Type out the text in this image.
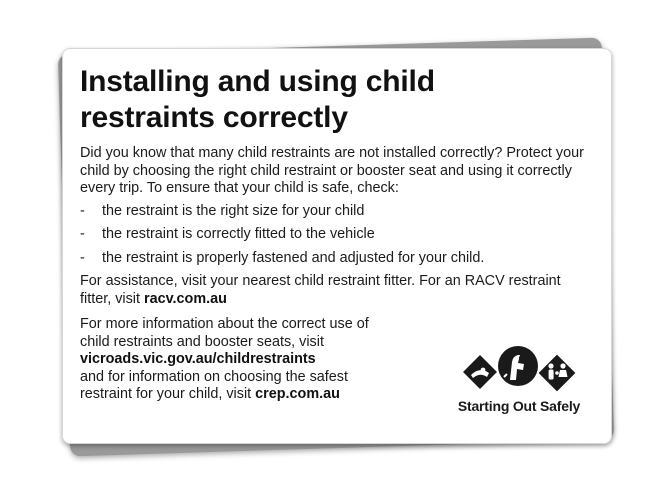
Installing and using child restraints correctly

Did you know that many child restraints are not installed correctly? Protect your child by choosing the right child restraint or booster seat and using it correctly every trip. To ensure that your child is safe, check:

-	the restraint is the right size for your child
-	the restraint is correctly fitted to the vehicle
-	the restraint is properly fastened and adjusted for your child.

For assistance, visit your nearest child restraint fitter. For an RACV restraint fitter, visit racv.com.au

For more information about the correct use of child restraints and booster seats, visit
vicroads.vic.gov.au/childrestraints
and for information on choosing the safest restraint for your child, visit crep.com.au

Starting Out Safely
